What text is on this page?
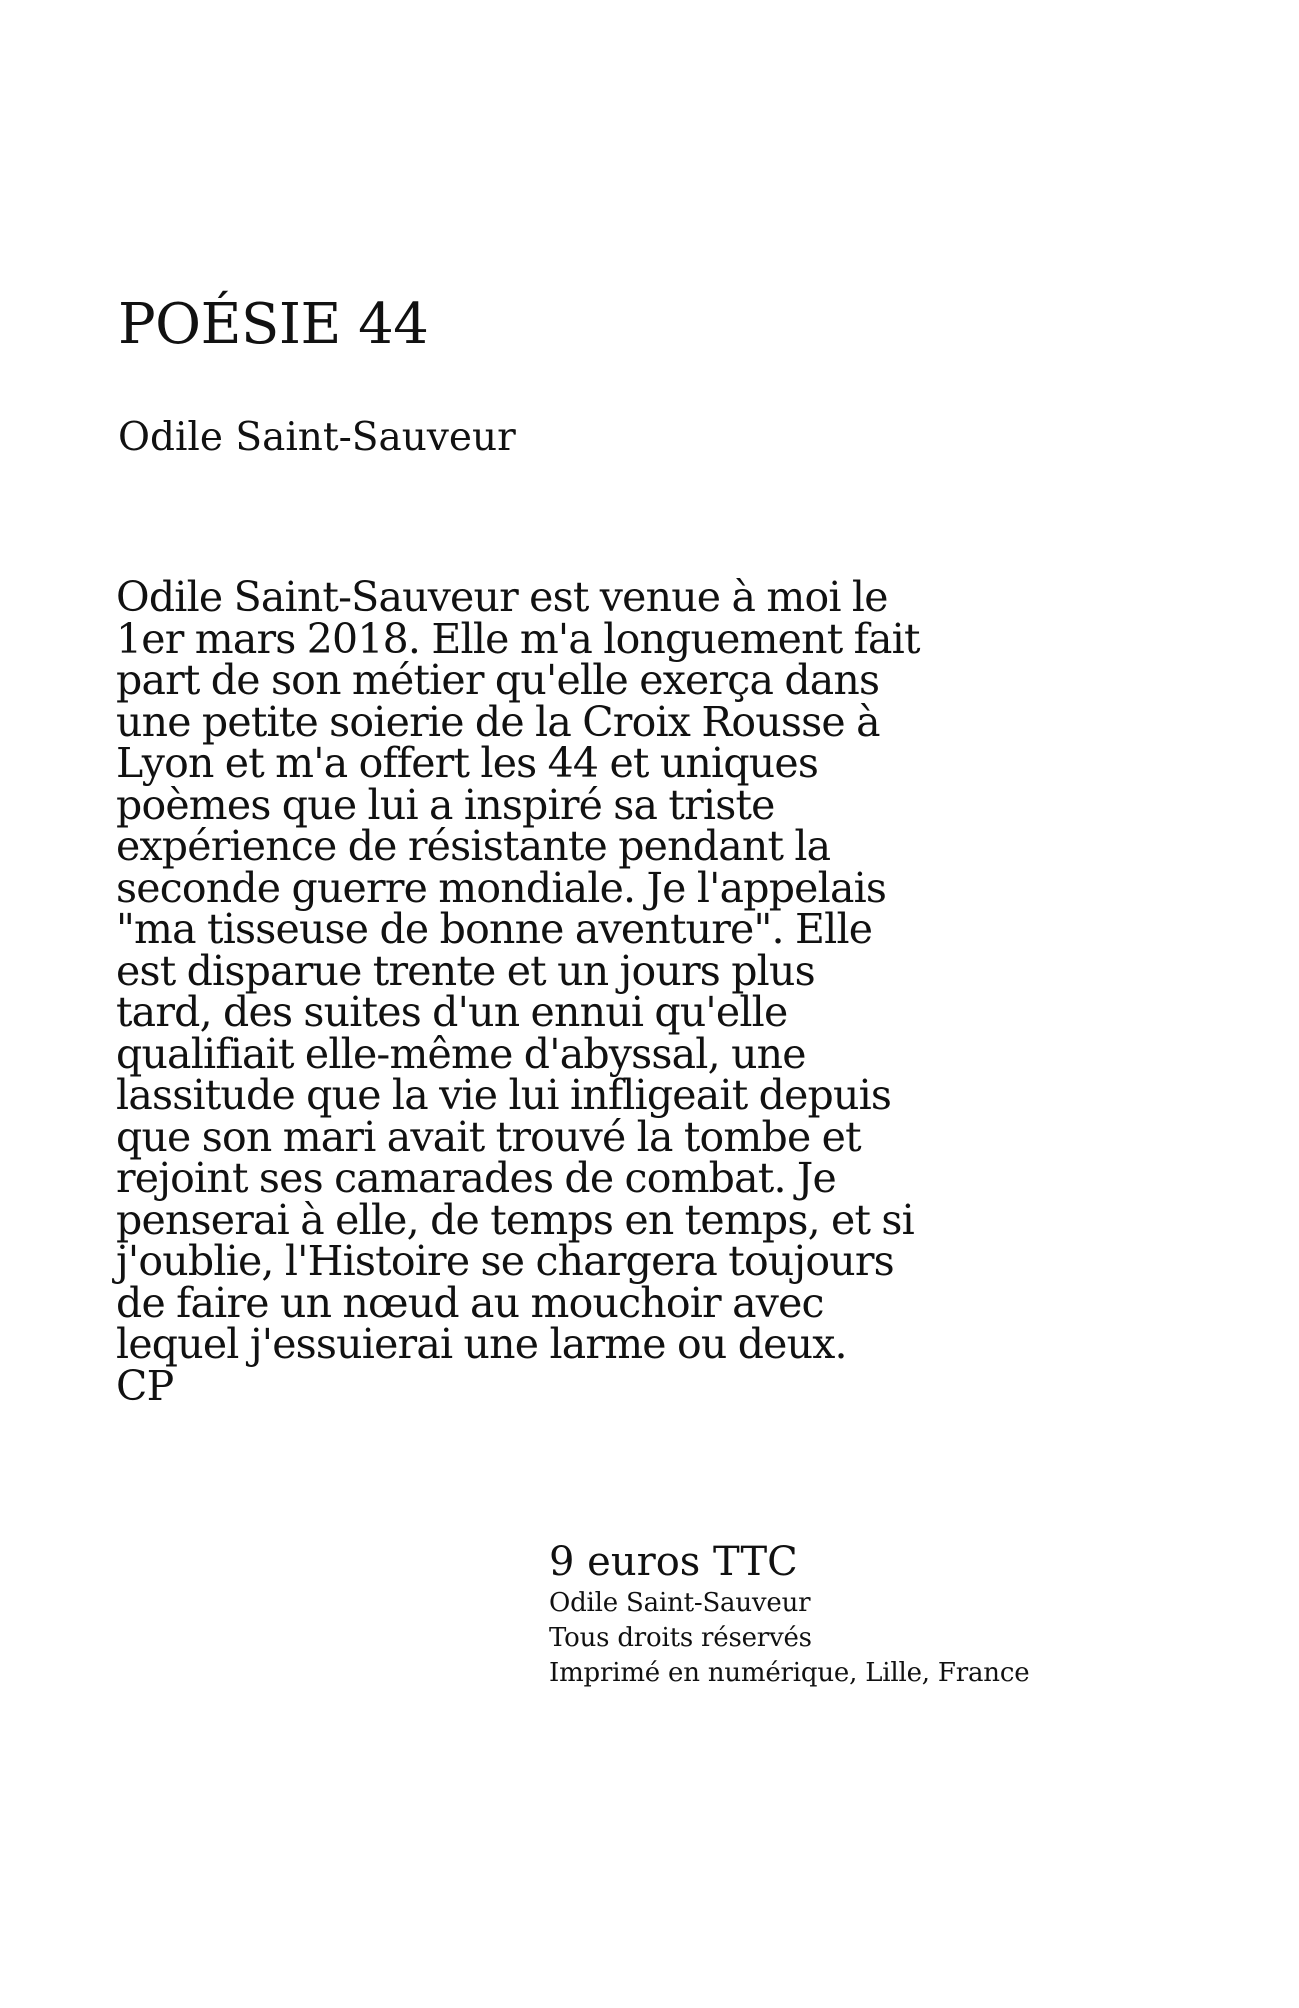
POÉSIE 44
Odile Saint-Sauveur
Odile Saint-Sauveur est venue à moi le
1er mars 2018. Elle m'a longuement fait
part de son métier qu'elle exerça dans
une petite soierie de la Croix Rousse à
Lyon et m'a offert les 44 et uniques
poèmes que lui a inspiré sa triste
expérience de résistante pendant la
seconde guerre mondiale. Je l'appelais
"ma tisseuse de bonne aventure". Elle
est disparue trente et un jours plus
tard, des suites d'un ennui qu'elle
qualifiait elle-même d'abyssal, une
lassitude que la vie lui infligeait depuis
que son mari avait trouvé la tombe et
rejoint ses camarades de combat. Je
penserai à elle, de temps en temps, et si
j'oublie, l'Histoire se chargera toujours
de faire un nœud au mouchoir avec
lequel j'essuierai une larme ou deux.
CP
9 euros TTC
Odile Saint-Sauveur
Tous droits réservés
Imprimé en numérique, Lille, France
